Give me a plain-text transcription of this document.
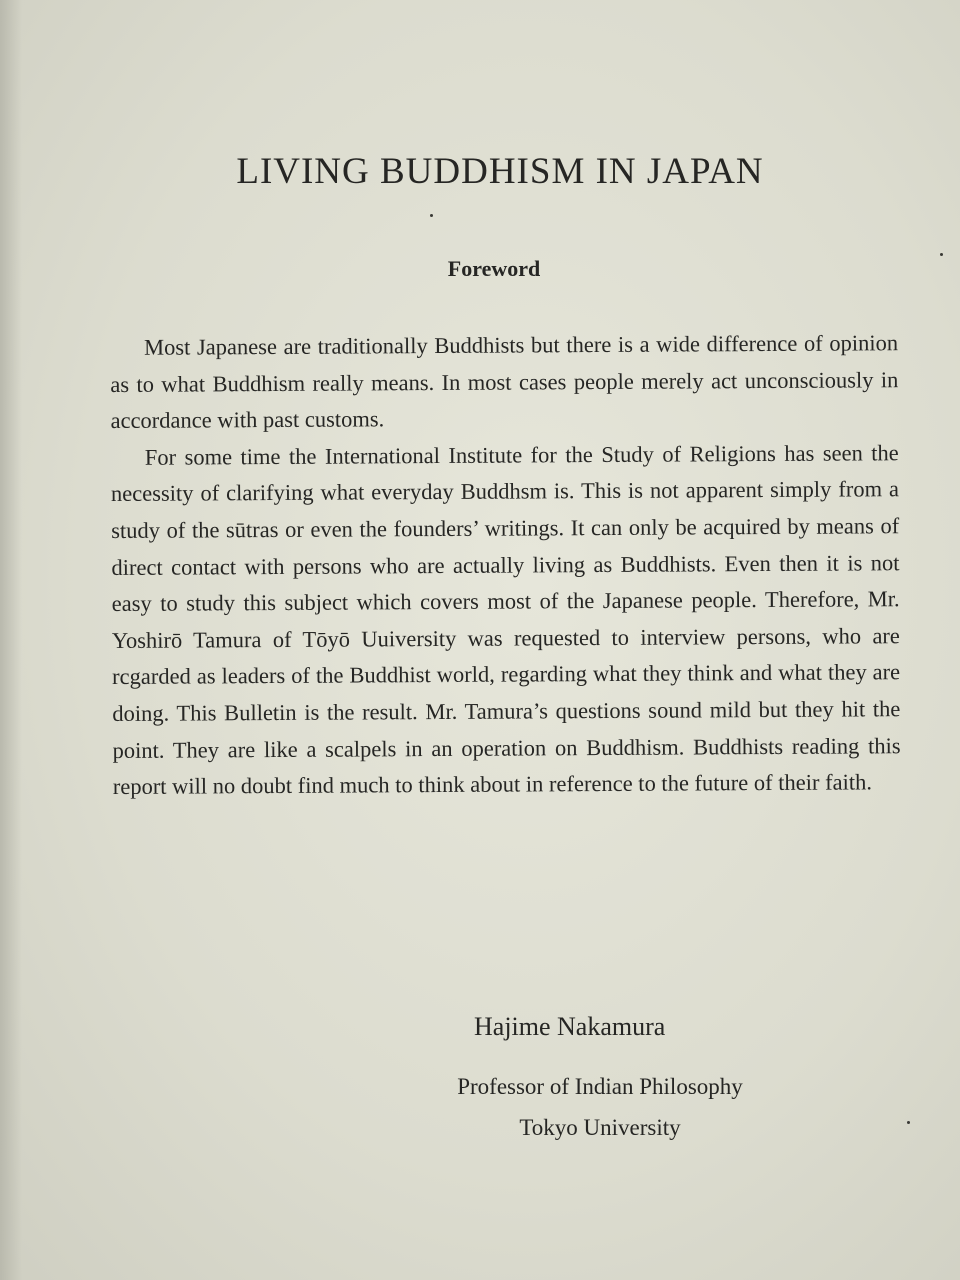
LIVING BUDDHISM IN JAPAN
Foreword

Most Japanese are traditionally Buddhists but there is a wide difference of opinion as to what Buddhism really means. In most cases people merely act unconsciously in accordance with past customs.

For some time the International Institute for the Study of Religions has seen the necessity of clarifying what everyday Buddhsm is. This is not apparent simply from a study of the sūtras or even the founders’ writings. It can only be acquired by means of direct contact with persons who are actually living as Buddhists. Even then it is not easy to study this subject which covers most of the Japanese people. Therefore, Mr. Yoshirō Tamura of Tōyō Uuiversity was requested to interview persons, who are rcgarded as leaders of the Buddhist world, regarding what they think and what they are doing. This Bulletin is the result. Mr. Tamura’s questions sound mild but they hit the point. They are like a scalpels in an operation on Buddhism. Buddhists reading this report will no doubt find much to think about in reference to the future of their faith.

Hajime Nakamura

Professor of Indian Philosophy

Tokyo University
